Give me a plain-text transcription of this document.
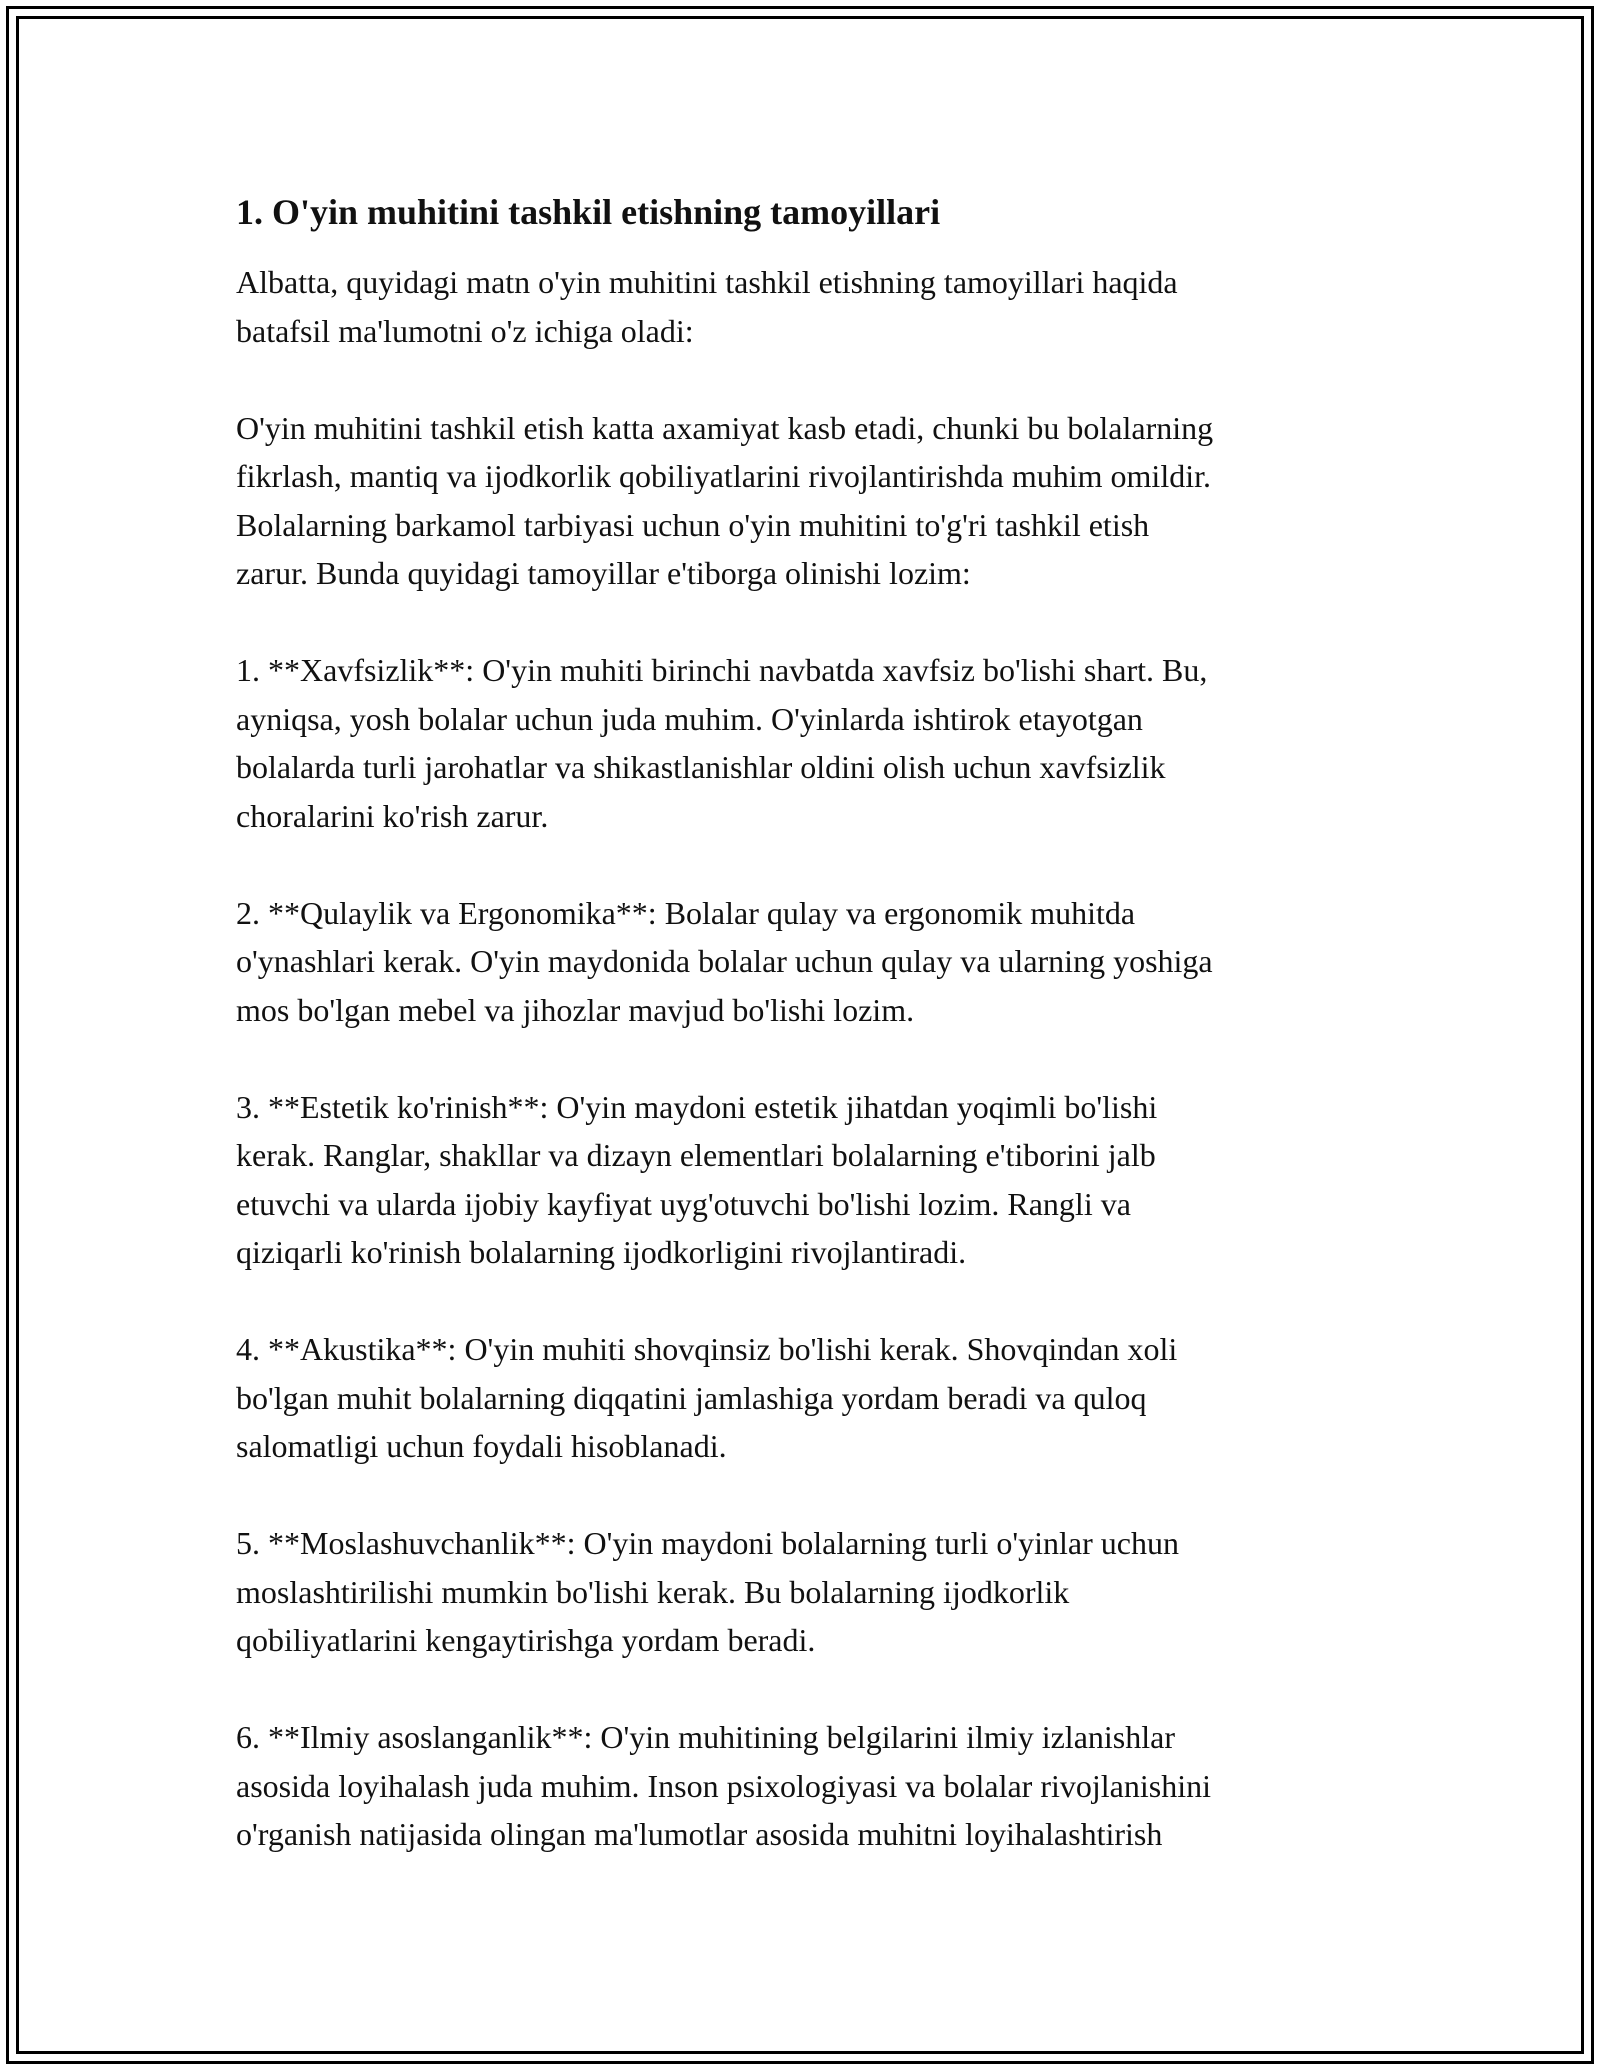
1. O'yin muhitini tashkil etishning tamoyillari

Albatta, quyidagi matn o'yin muhitini tashkil etishning tamoyillari haqida
batafsil ma'lumotni o'z ichiga oladi:

O'yin muhitini tashkil etish katta axamiyat kasb etadi, chunki bu bolalarning
fikrlash, mantiq va ijodkorlik qobiliyatlarini rivojlantirishda muhim omildir.
Bolalarning barkamol tarbiyasi uchun o'yin muhitini to'g'ri tashkil etish
zarur. Bunda quyidagi tamoyillar e'tiborga olinishi lozim:

1. **Xavfsizlik**: O'yin muhiti birinchi navbatda xavfsiz bo'lishi shart. Bu,
ayniqsa, yosh bolalar uchun juda muhim. O'yinlarda ishtirok etayotgan
bolalarda turli jarohatlar va shikastlanishlar oldini olish uchun xavfsizlik
choralarini ko'rish zarur.

2. **Qulaylik va Ergonomika**: Bolalar qulay va ergonomik muhitda
o'ynashlari kerak. O'yin maydonida bolalar uchun qulay va ularning yoshiga
mos bo'lgan mebel va jihozlar mavjud bo'lishi lozim.

3. **Estetik ko'rinish**: O'yin maydoni estetik jihatdan yoqimli bo'lishi
kerak. Ranglar, shakllar va dizayn elementlari bolalarning e'tiborini jalb
etuvchi va ularda ijobiy kayfiyat uyg'otuvchi bo'lishi lozim. Rangli va
qiziqarli ko'rinish bolalarning ijodkorligini rivojlantiradi.

4. **Akustika**: O'yin muhiti shovqinsiz bo'lishi kerak. Shovqindan xoli
bo'lgan muhit bolalarning diqqatini jamlashiga yordam beradi va quloq
salomatligi uchun foydali hisoblanadi.

5. **Moslashuvchanlik**: O'yin maydoni bolalarning turli o'yinlar uchun
moslashtirilishi mumkin bo'lishi kerak. Bu bolalarning ijodkorlik
qobiliyatlarini kengaytirishga yordam beradi.

6. **Ilmiy asoslanganlik**: O'yin muhitining belgilarini ilmiy izlanishlar
asosida loyihalash juda muhim. Inson psixologiyasi va bolalar rivojlanishini
o'rganish natijasida olingan ma'lumotlar asosida muhitni loyihalashtirish
